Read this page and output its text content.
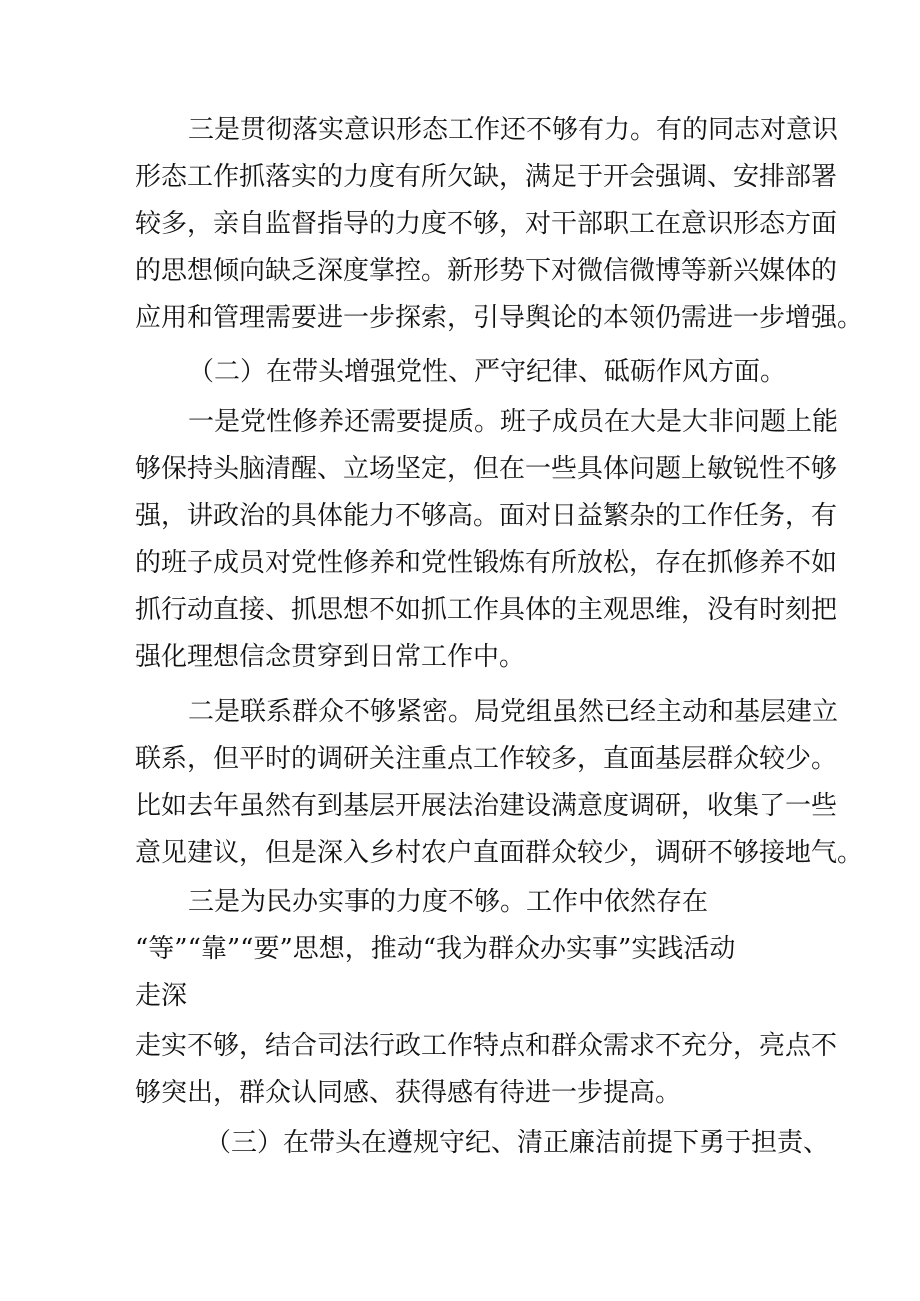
三是贯彻落实意识形态工作还不够有力。有的同志对意识
形态工作抓落实的力度有所欠缺，满足于开会强调、安排部署
较多，亲自监督指导的力度不够，对干部职工在意识形态方面
的思想倾向缺乏深度掌控。新形势下对微信微博等新兴媒体的
应用和管理需要进一步探索，引导舆论的本领仍需进一步增强。
（二）在带头增强党性、严守纪律、砥砺作风方面。
一是党性修养还需要提质。班子成员在大是大非问题上能
够保持头脑清醒、立场坚定，但在一些具体问题上敏锐性不够
强，讲政治的具体能力不够高。面对日益繁杂的工作任务，有
的班子成员对党性修养和党性锻炼有所放松，存在抓修养不如
抓行动直接、抓思想不如抓工作具体的主观思维，没有时刻把
强化理想信念贯穿到日常工作中。
二是联系群众不够紧密。局党组虽然已经主动和基层建立
联系，但平时的调研关注重点工作较多，直面基层群众较少。
比如去年虽然有到基层开展法治建设满意度调研，收集了一些
意见建议，但是深入乡村农户直面群众较少，调研不够接地气。
三是为民办实事的力度不够。工作中依然存在
“等”“靠”“要”思想，推动“我为群众办实事”实践活动
走深
走实不够，结合司法行政工作特点和群众需求不充分，亮点不
够突出，群众认同感、获得感有待进一步提高。
（三）在带头在遵规守纪、清正廉洁前提下勇于担责、
